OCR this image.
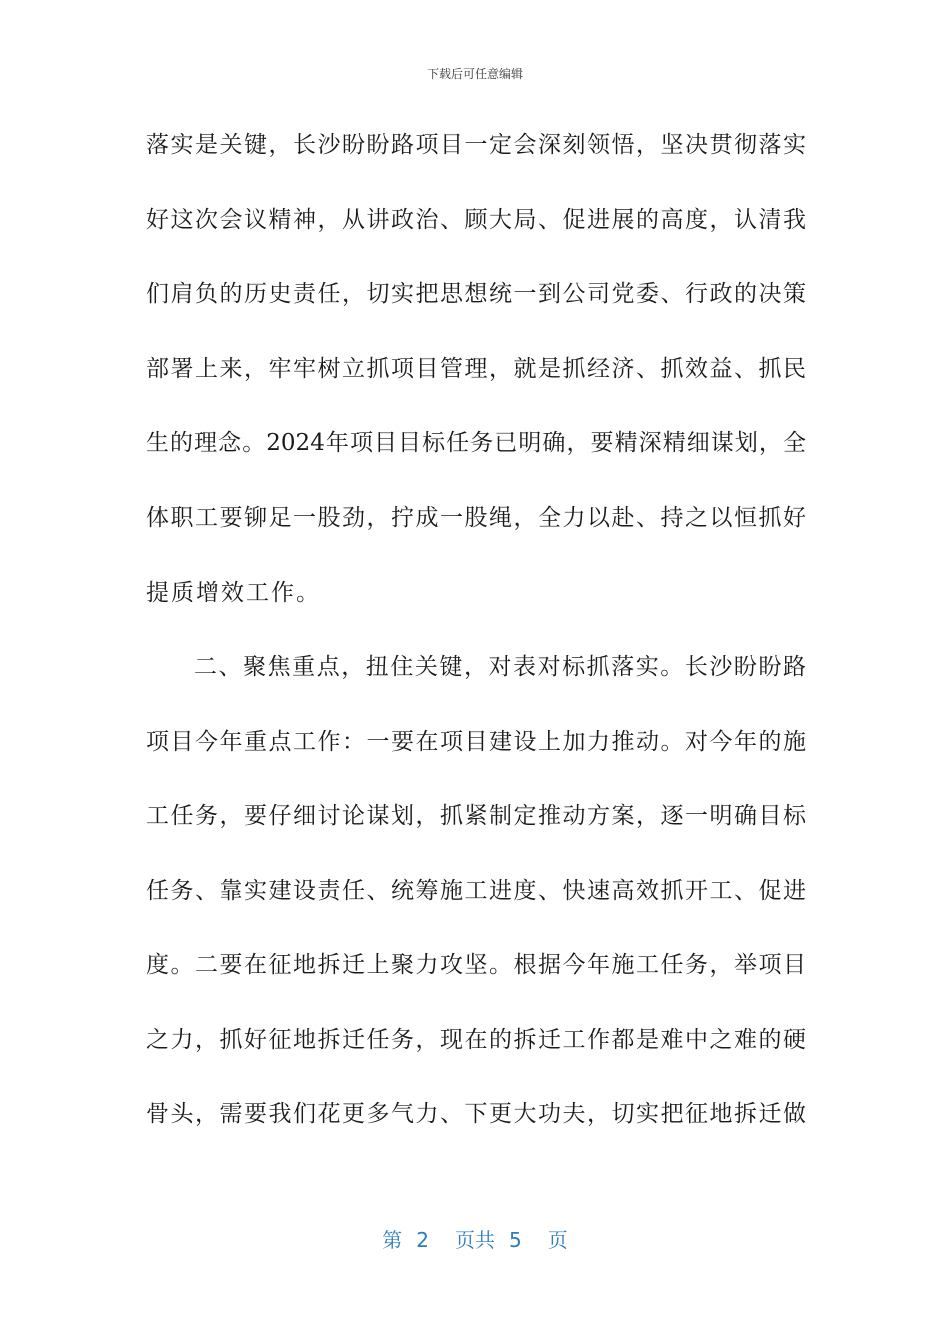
下载后可任意编辑
落实是关键，长沙盼盼路项目一定会深刻领悟，坚决贯彻落实
好这次会议精神，从讲政治、顾大局、促进展的高度，认清我
们肩负的历史责任，切实把思想统一到公司党委、行政的决策
部署上来，牢牢树立抓项目管理，就是抓经济、抓效益、抓民
生的理念。2024年项目目标任务已明确，要精深精细谋划，全
体职工要铆足一股劲，拧成一股绳，全力以赴、持之以恒抓好
提质增效工作。
二、聚焦重点，扭住关键，对表对标抓落实。长沙盼盼路
项目今年重点工作：一要在项目建设上加力推动。对今年的施
工任务，要仔细讨论谋划，抓紧制定推动方案，逐一明确目标
任务、靠实建设责任、统筹施工进度、快速高效抓开工、促进
度。二要在征地拆迁上聚力攻坚。根据今年施工任务，举项目
之力，抓好征地拆迁任务，现在的拆迁工作都是难中之难的硬
骨头，需要我们花更多气力、下更大功夫，切实把征地拆迁做
第 2 页共 5 页
